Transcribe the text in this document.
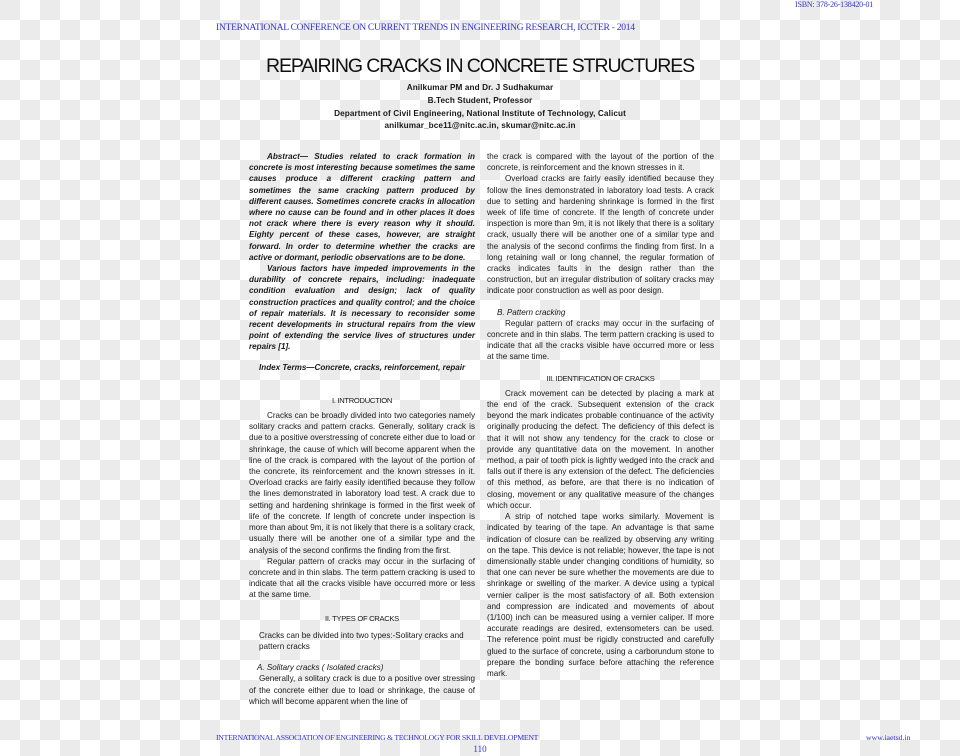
ISBN: 378-26-138420-01
INTERNATIONAL CONFERENCE ON CURRENT TRENDS IN ENGINEERING RESEARCH, ICCTER - 2014
REPAIRING CRACKS IN CONCRETE STRUCTURES
Anilkumar PM and Dr. J Sudhakumar
B.Tech Student, Professor
Department of Civil Engineering, National Institute of Technology, Calicut
anilkumar_bce11@nitc.ac.in, skumar@nitc.ac.in

Abstract— Studies related to crack formation in concrete is most interesting because sometimes the same causes produce a different cracking pattern and sometimes the same cracking pattern produced by different causes. Sometimes concrete cracks in allocation where no cause can be found and in other places it does not crack where there is every reason why it should. Eighty percent of these cases, however, are straight forward. In order to determine whether the cracks are active or dormant, periodic observations are to be done.

Various factors have impeded improvements in the durability of concrete repairs, including: inadequate condition evaluation and design; lack of quality construction practices and quality control; and the choice of repair materials. It is necessary to reconsider some recent developments in structural repairs from the view point of extending the service lives of structures under repairs [1].

Index Terms—Concrete, cracks, reinforcement, repair

I. INTRODUCTION

Cracks can be broadly divided into two categories namely solitary cracks and pattern cracks. Generally, solitary crack is due to a positive overstressing of concrete either due to load or shrinkage, the cause of which will become apparent when the line of the crack is compared with the layout of the portion of the concrete, its reinforcement and the known stresses in it. Overload cracks are fairly easily identified because they follow the lines demonstrated in laboratory load test. A crack due to setting and hardening shrinkage is formed in the first week of life of the concrete. If length of concrete under inspection is more than about 9m, it is not likely that there is a solitary crack, usually there will be another one of a similar type and the analysis of the second confirms the finding from the first.

Regular pattern of cracks may occur in the surfacing of concrete and in thin slabs. The term pattern cracking is used to indicate that all the cracks visible have occurred more or less at the same time.

II. TYPES OF CRACKS

Cracks can be divided into two types:-Solitary cracks and pattern cracks

A. Solitary cracks ( Isolated cracks)

Generally, a solitary crack is due to a positive over stressing of the concrete either due to load or shrinkage, the cause of which will become apparent when the line of

the crack is compared with the layout of the portion of the concrete, is reinforcement and the known stresses in it.

Overload cracks are fairly easily identified because they follow the lines demonstrated in laboratory load tests. A crack due to setting and hardening shrinkage is formed in the first week of life time of concrete. If the length of concrete under inspection is more than 9m, it is not likely that there is a solitary crack, usually there will be another one of a similar type and the analysis of the second confirms the finding from first. In a long retaining wall or long channel, the regular formation of cracks indicates faults in the design rather than the construction, but an irregular distribution of solitary cracks may indicate poor construction as well as poor design.

B. Pattern cracking

Regular pattern of cracks may occur in the surfacing of concrete and in thin slabs. The term pattern cracking is used to indicate that all the cracks visible have occurred more or less at the same time.

III. IDENTIFICATION OF CRACKS

Crack movement can be detected by placing a mark at the end of the crack. Subsequent extension of the crack beyond the mark indicates probable continuance of the activity originally producing the defect. The deficiency of this defect is that it will not show any tendency for the crack to close or provide any quantitative data on the movement. In another method, a pair of tooth pick is lightly wedged into the crack and falls out if there is any extension of the defect. The deficiencies of this method, as before, are that there is no indication of closing, movement or any qualitative measure of the changes which occur.

A strip of notched tape works similarly. Movement is indicated by tearing of the tape. An advantage is that same indication of closure can be realized by observing any writing on the tape. This device is not reliable; however, the tape is not dimensionally stable under changing conditions of humidity, so that one can never be sure whether the movements are due to shrinkage or swelling of the marker. A device using a typical vernier caliper is the most satisfactory of all. Both extension and compression are indicated and movements of about (1/100) inch can be measured using a vernier caliper. If more accurate readings are desired, extensometers can be used. The reference point must be rigidly constructed and carefully glued to the surface of concrete, using a carborundum stone to prepare the bonding surface before attaching the reference mark.

INTERNATIONAL ASSOCIATION OF ENGINEERING & TECHNOLOGY FOR SKILL DEVELOPMENT	www.iaetsd.in
110
